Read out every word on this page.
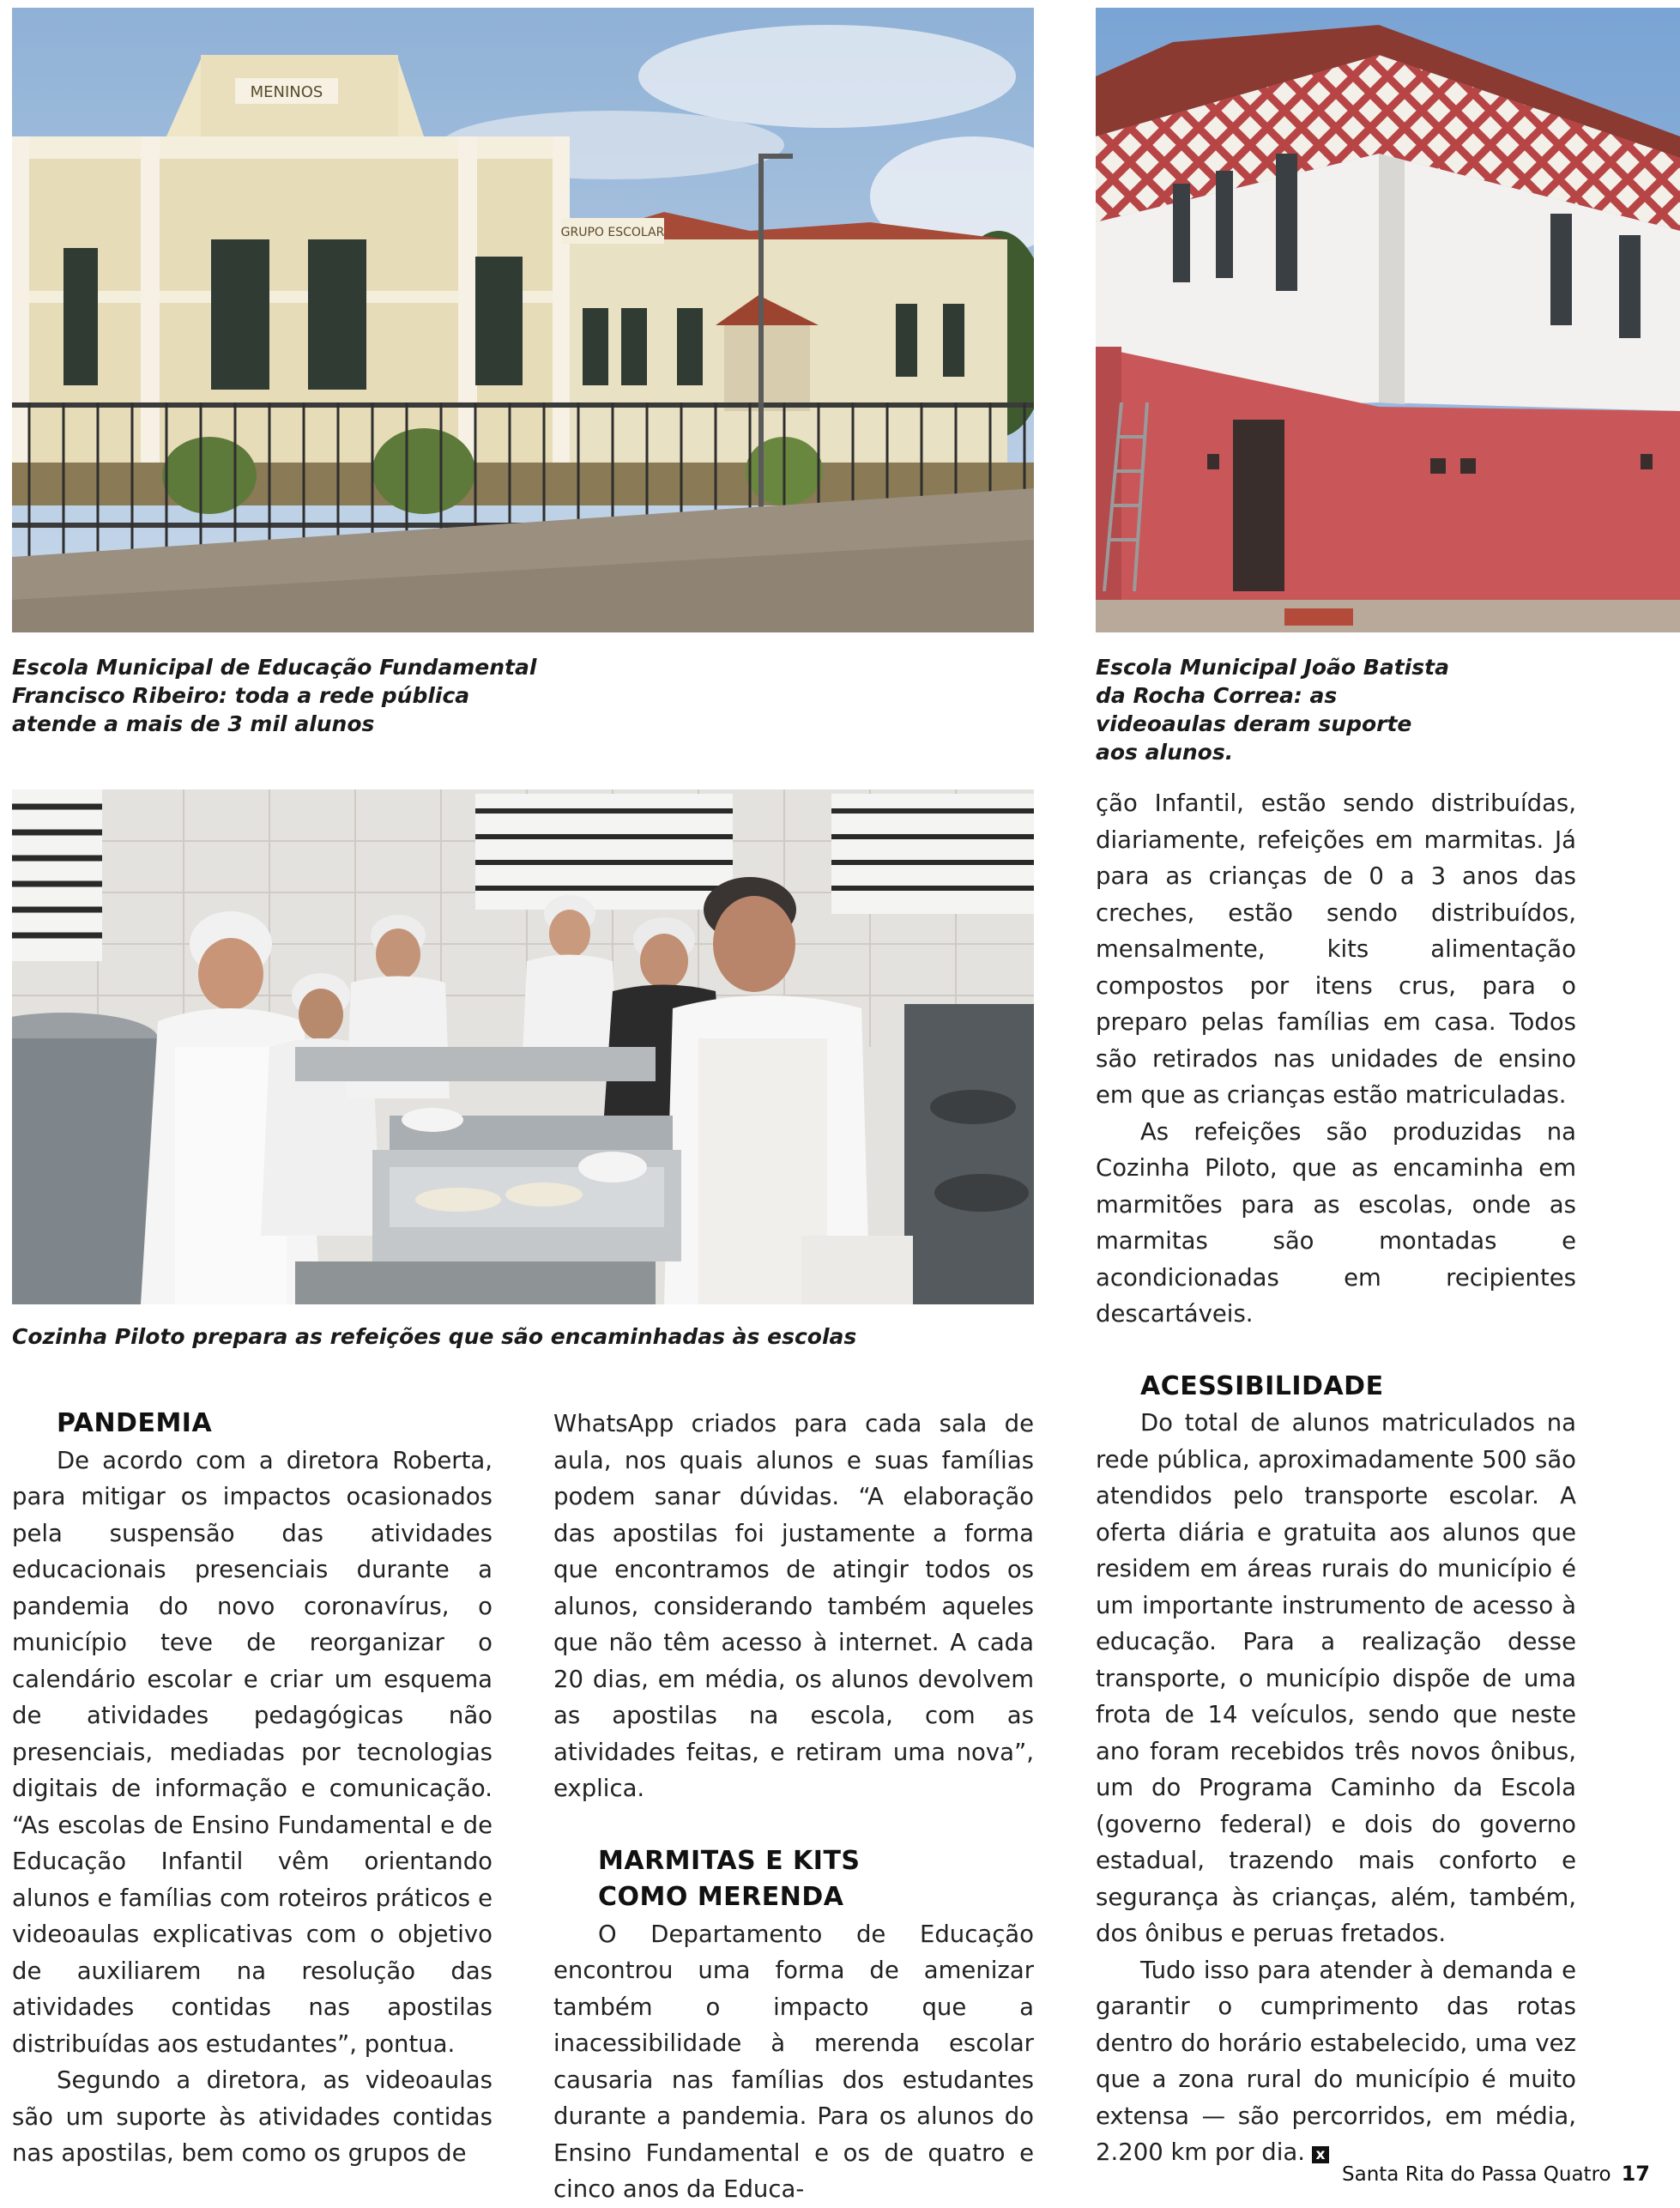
MENINOS
GRUPO ESCOLAR
Escola Municipal de Educação Fundamental Francisco Ribeiro: toda a rede pública atende a mais de 3 mil alunos
Escola Municipal João Batista da Rocha Correa: as videoaulas deram suporte aos alunos.
Cozinha Piloto prepara as refeições que são encaminhadas às escolas
PANDEMIA

De acordo com a diretora Roberta, para mitigar os impactos ocasionados pela suspensão das atividades educacionais presenciais durante a pandemia do novo coronavírus, o município teve de reorganizar o calendário escolar e criar um esquema de atividades pedagógicas não presenciais, mediadas por tecnologias digitais de informação e comunicação. “As escolas de Ensino Fundamental e de Educação Infantil vêm orientando alunos e famílias com roteiros práticos e videoaulas explicativas com o objetivo de auxiliarem na resolução das atividades contidas nas apostilas distribuídas aos estudantes”, pontua.

Segundo a diretora, as videoaulas são um suporte às atividades contidas nas apostilas, bem como os grupos de

WhatsApp criados para cada sala de aula, nos quais alunos e suas famílias podem sanar dúvidas. “A elaboração das apostilas foi justamente a forma que encontramos de atingir todos os alunos, considerando também aqueles que não têm acesso à internet. A cada 20 dias, em média, os alunos devolvem as apostilas na escola, com as atividades feitas, e retiram uma nova”, explica.

MARMITAS E KITS
COMO MERENDA

O Departamento de Educação encontrou uma forma de amenizar também o impacto que a inacessibilidade à merenda escolar causaria nas famílias dos estudantes durante a pandemia. Para os alunos do Ensino Fundamental e os de quatro e cinco anos da Educa-

ção Infantil, estão sendo distribuídas, diariamente, refeições em marmitas. Já para as crianças de 0 a 3 anos das creches, estão sendo distribuídos, mensalmente, kits alimentação compostos por itens crus, para o preparo pelas famílias em casa. Todos são retirados nas unidades de ensino em que as crianças estão matriculadas.

As refeições são produzidas na Cozinha Piloto, que as encaminha em marmitões para as escolas, onde as marmitas são montadas e acondicionadas em recipientes descartáveis.

ACESSIBILIDADE

Do total de alunos matriculados na rede pública, aproximadamente 500 são atendidos pelo transporte escolar. A oferta diária e gratuita aos alunos que residem em áreas rurais do município é um importante instrumento de acesso à educação. Para a realização desse transporte, o município dispõe de uma frota de 14 veículos, sendo que neste ano foram recebidos três novos ônibus, um do Programa Caminho da Escola (governo federal) e dois do governo estadual, trazendo mais conforto e segurança às crianças, além, também, dos ônibus e peruas fretados.

Tudo isso para atender à demanda e garantir o cumprimento das rotas dentro do horário estabelecido, uma vez que a zona rural do município é muito extensa — são percorridos, em média, 2.200 km por dia. x

Santa Rita do Passa Quatro 17
